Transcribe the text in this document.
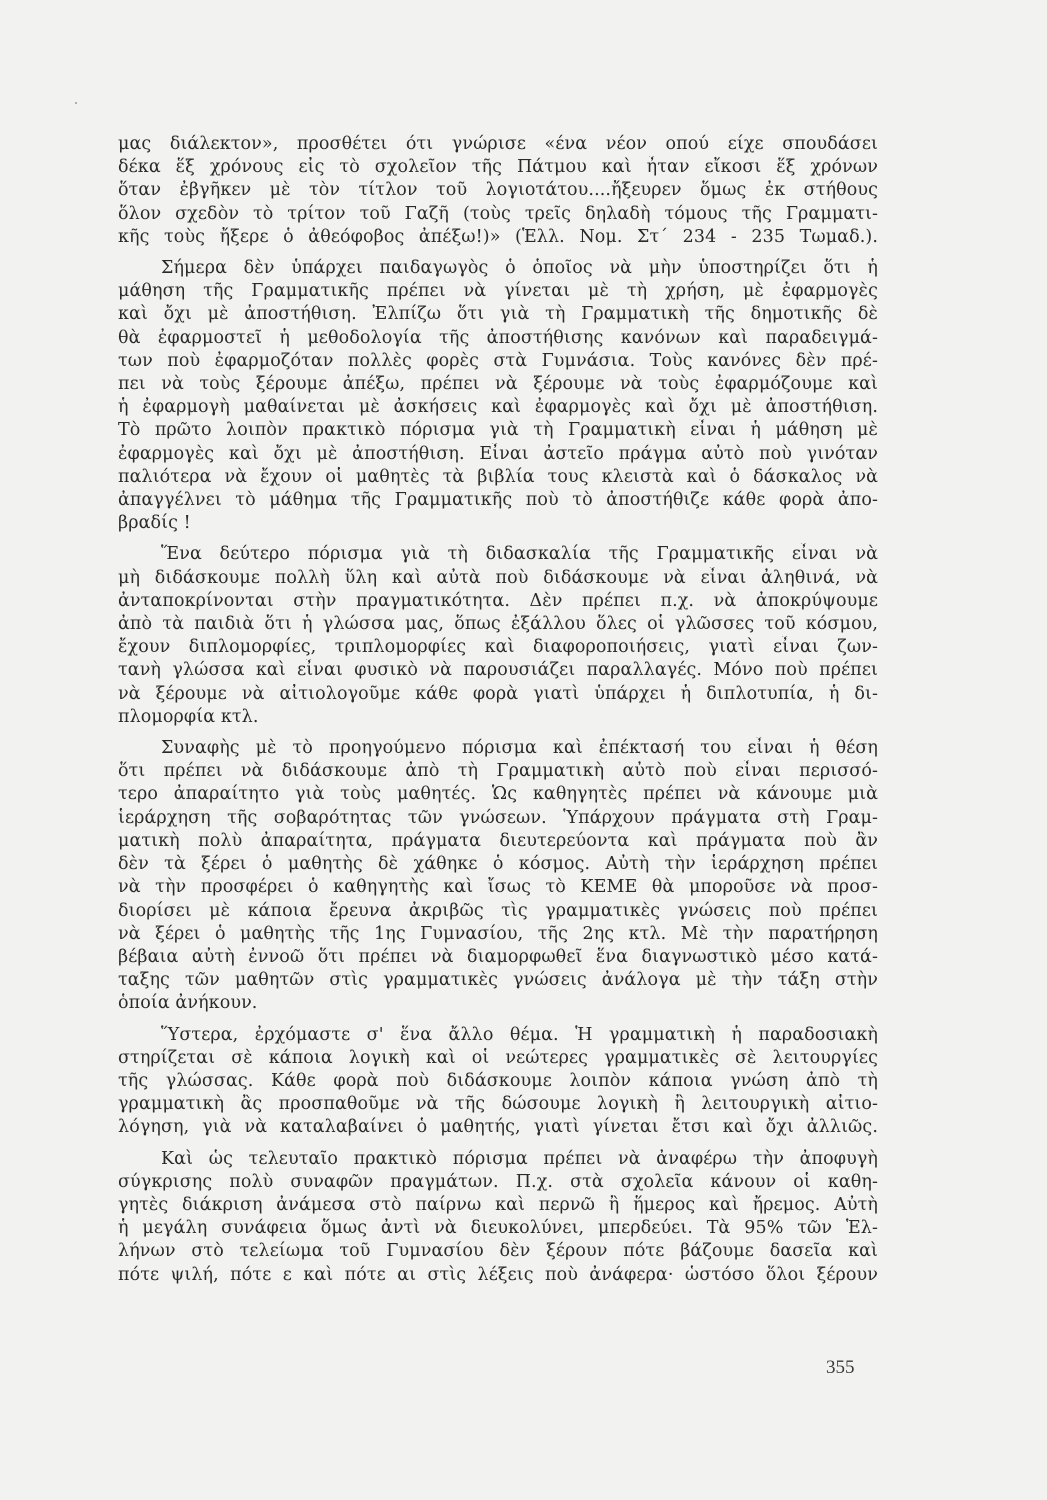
μας διάλεκτον», προσθέτει ότι γνώρισε «ένα νέον οπού είχε σπουδάσει
δέκα ἕξ χρόνους εἰς τὸ σχολεῖον τῆς Πάτμου καὶ ἦταν εἴκοσι ἕξ χρόνων
ὅταν ἐβγῆκεν μὲ τὸν τίτλον τοῦ λογιοτάτου....ἤξευρεν ὅμως ἐκ στήθους
ὅλον σχεδὸν τὸ τρίτον τοῦ Γαζῆ (τοὺς τρεῖς δηλαδὴ τόμους τῆς Γραμματι-
κῆς τοὺς ἤξερε ὁ ἀθεόφοβος ἀπέξω!)» (Ἑλλ. Νομ. Στ΄ 234 - 235 Τωμαδ.).

Σήμερα δὲν ὑπάρχει παιδαγωγὸς ὁ ὁποῖος νὰ μὴν ὑποστηρίζει ὅτι ἡ
μάθηση τῆς Γραμματικῆς πρέπει νὰ γίνεται μὲ τὴ χρήση, μὲ ἐφαρμογὲς
καὶ ὄχι μὲ ἀποστήθιση. Ἐλπίζω ὅτι γιὰ τὴ Γραμματικὴ τῆς δημοτικῆς δὲ
θὰ ἐφαρμοστεῖ ἡ μεθοδολογία τῆς ἀποστήθισης κανόνων καὶ παραδειγμά-
των ποὺ ἐφαρμοζόταν πολλὲς φορὲς στὰ Γυμνάσια. Τοὺς κανόνες δὲν πρέ-
πει νὰ τοὺς ξέρουμε ἀπέξω, πρέπει νὰ ξέρουμε νὰ τοὺς ἐφαρμόζουμε καὶ
ἡ ἐφαρμογὴ μαθαίνεται μὲ ἀσκήσεις καὶ ἐφαρμογὲς καὶ ὄχι μὲ ἀποστήθιση.
Τὸ πρῶτο λοιπὸν πρακτικὸ πόρισμα γιὰ τὴ Γραμματικὴ εἶναι ἡ μάθηση μὲ
ἐφαρμογὲς καὶ ὄχι μὲ ἀποστήθιση. Εἶναι ἀστεῖο πράγμα αὐτὸ ποὺ γινόταν
παλιότερα νὰ ἔχουν οἱ μαθητὲς τὰ βιβλία τους κλειστὰ καὶ ὁ δάσκαλος νὰ
ἀπαγγέλνει τὸ μάθημα τῆς Γραμματικῆς ποὺ τὸ ἀποστήθιζε κάθε φορὰ ἀπο-
βραδίς !

Ἕνα δεύτερο πόρισμα γιὰ τὴ διδασκαλία τῆς Γραμματικῆς εἶναι νὰ
μὴ διδάσκουμε πολλὴ ὕλη καὶ αὐτὰ ποὺ διδάσκουμε νὰ εἶναι ἀληθινά, νὰ
ἀνταποκρίνονται στὴν πραγματικότητα. Δὲν πρέπει π.χ. νὰ ἀποκρύψουμε
ἀπὸ τὰ παιδιὰ ὅτι ἡ γλώσσα μας, ὅπως ἐξάλλου ὅλες οἱ γλῶσσες τοῦ κόσμου,
ἔχουν διπλομορφίες, τριπλομορφίες καὶ διαφοροποιήσεις, γιατὶ εἶναι ζων-
τανὴ γλώσσα καὶ εἶναι φυσικὸ νὰ παρουσιάζει παραλλαγές. Μόνο ποὺ πρέπει
νὰ ξέρουμε νὰ αἰτιολογοῦμε κάθε φορὰ γιατὶ ὑπάρχει ἡ διπλοτυπία, ἡ δι-
πλομορφία κτλ.

Συναφὴς μὲ τὸ προηγούμενο πόρισμα καὶ ἐπέκτασή του εἶναι ἡ θέση
ὅτι πρέπει νὰ διδάσκουμε ἀπὸ τὴ Γραμματικὴ αὐτὸ ποὺ εἶναι περισσό-
τερο ἀπαραίτητο γιὰ τοὺς μαθητές. Ὡς καθηγητὲς πρέπει νὰ κάνουμε μιὰ
ἱεράρχηση τῆς σοβαρότητας τῶν γνώσεων. Ὑπάρχουν πράγματα στὴ Γραμ-
ματικὴ πολὺ ἀπαραίτητα, πράγματα διευτερεύοντα καὶ πράγματα ποὺ ἂν
δὲν τὰ ξέρει ὁ μαθητὴς δὲ χάθηκε ὁ κόσμος. Αὐτὴ τὴν ἱεράρχηση πρέπει
νὰ τὴν προσφέρει ὁ καθηγητὴς καὶ ἴσως τὸ ΚΕΜΕ θὰ μποροῦσε νὰ προσ-
διορίσει μὲ κάποια ἔρευνα ἀκριβῶς τὶς γραμματικὲς γνώσεις ποὺ πρέπει
νὰ ξέρει ὁ μαθητὴς τῆς 1ης Γυμνασίου, τῆς 2ης κτλ. Μὲ τὴν παρατήρηση
βέβαια αὐτὴ ἐννοῶ ὅτι πρέπει νὰ διαμορφωθεῖ ἕνα διαγνωστικὸ μέσο κατά-
ταξης τῶν μαθητῶν στὶς γραμματικὲς γνώσεις ἀνάλογα μὲ τὴν τάξη στὴν
ὁποία ἀνήκουν.

Ὕστερα, ἐρχόμαστε σ' ἕνα ἄλλο θέμα. Ἡ γραμματικὴ ἡ παραδοσιακὴ
στηρίζεται σὲ κάποια λογικὴ καὶ οἱ νεώτερες γραμματικὲς σὲ λειτουργίες
τῆς γλώσσας. Κάθε φορὰ ποὺ διδάσκουμε λοιπὸν κάποια γνώση ἀπὸ τὴ
γραμματικὴ ἂς προσπαθοῦμε νὰ τῆς δώσουμε λογικὴ ἢ λειτουργικὴ αἰτιο-
λόγηση, γιὰ νὰ καταλαβαίνει ὁ μαθητής, γιατὶ γίνεται ἔτσι καὶ ὄχι ἀλλιῶς.

Καὶ ὡς τελευταῖο πρακτικὸ πόρισμα πρέπει νὰ ἀναφέρω τὴν ἀποφυγὴ
σύγκρισης πολὺ συναφῶν πραγμάτων. Π.χ. στὰ σχολεῖα κάνουν οἱ καθη-
γητὲς διάκριση ἀνάμεσα στὸ παίρνω καὶ περνῶ ἢ ἥμερος καὶ ἤρεμος. Αὐτὴ
ἡ μεγάλη συνάφεια ὅμως ἀντὶ νὰ διευκολύνει, μπερδεύει. Τὰ 95% τῶν Ἑλ-
λήνων στὸ τελείωμα τοῦ Γυμνασίου δὲν ξέρουν πότε βάζουμε δασεῖα καὶ
πότε ψιλή, πότε ε καὶ πότε αι στὶς λέξεις ποὺ ἀνάφερα· ὡστόσο ὅλοι ξέρουν

355
